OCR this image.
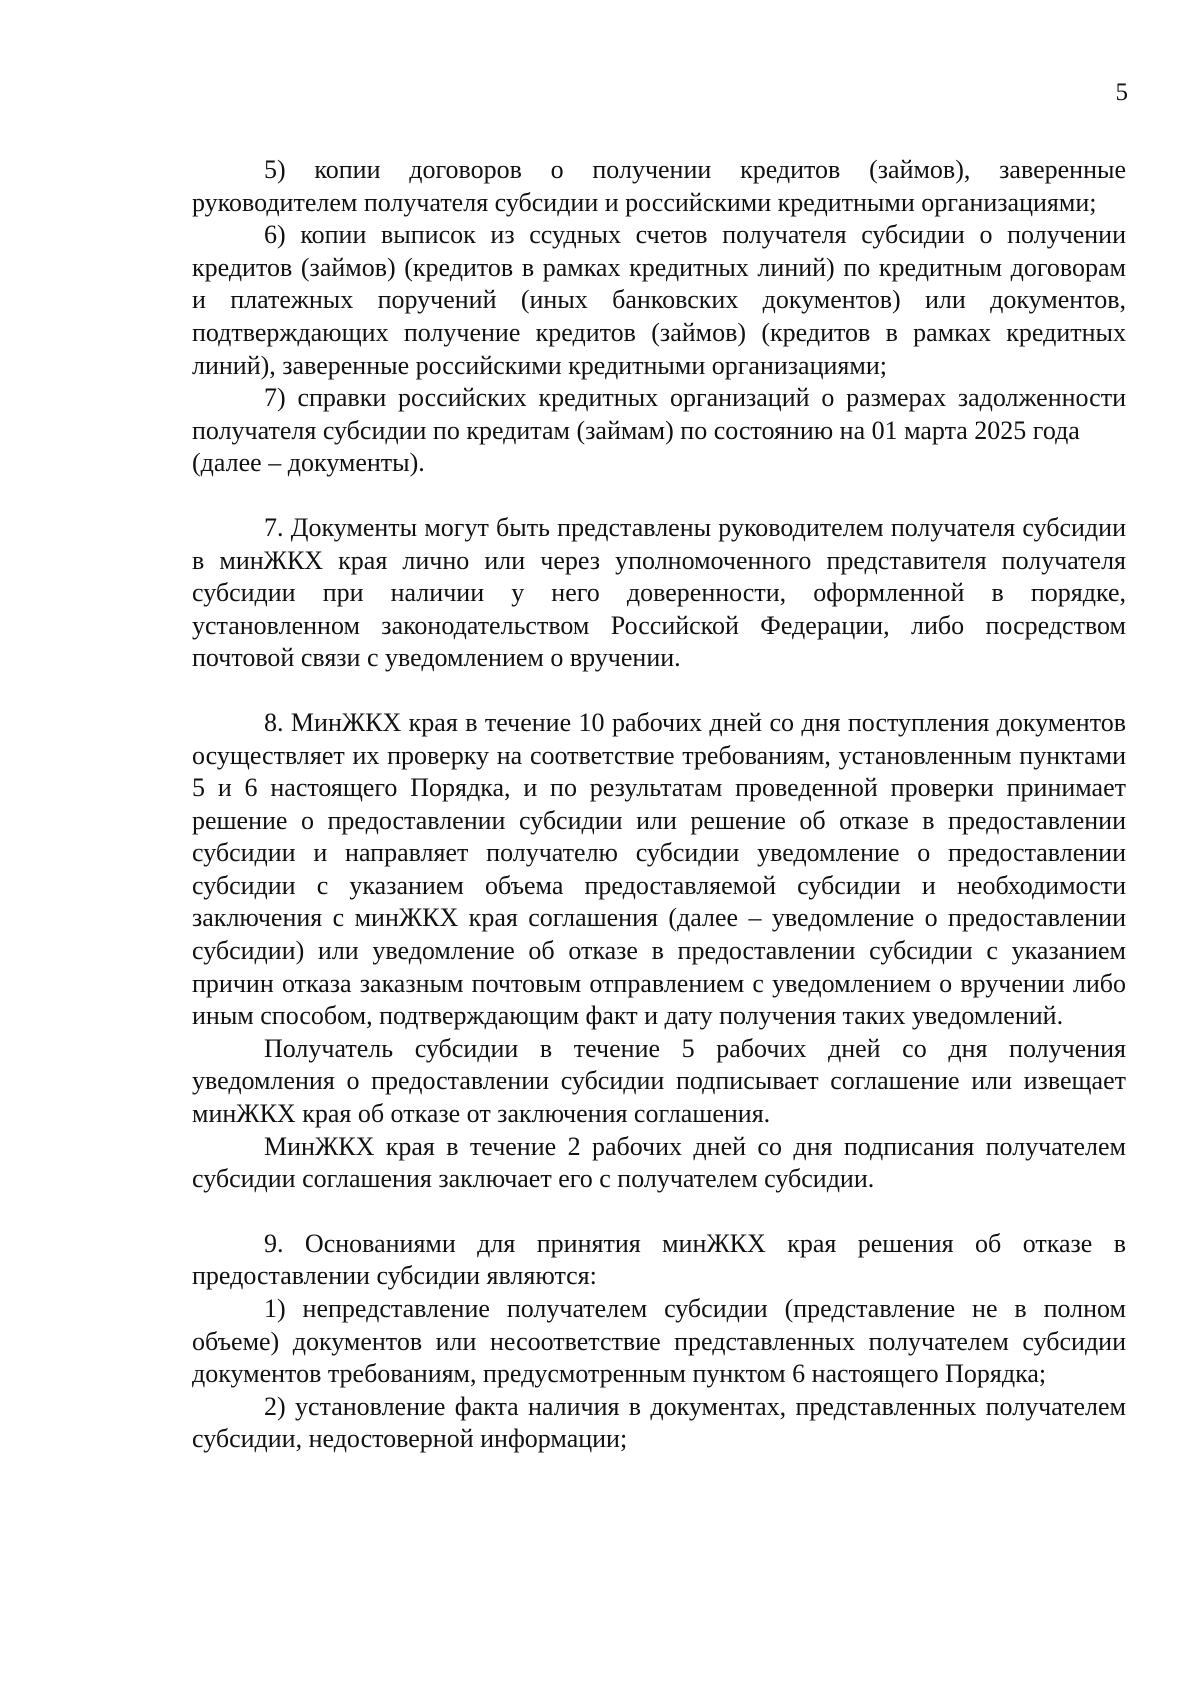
5

5) копии договоров о получении кредитов (займов), заверенные руководителем получателя субсидии и российскими кредитными организациями;

6) копии выписок из ссудных счетов получателя субсидии о получении кредитов (займов) (кредитов в рамках кредитных линий) по кредитным договорам и платежных поручений (иных банковских документов) или документов, подтверждающих получение кредитов (займов) (кредитов в рамках кредитных линий), заверенные российскими кредитными организациями;

7) справки российских кредитных организаций о размерах задолженности получателя субсидии по кредитам (займам) по состоянию на 01 марта 2025 года

(далее – документы).

7. Документы могут быть представлены руководителем получателя субсидии в минЖКХ края лично или через уполномоченного представителя получателя субсидии при наличии у него доверенности, оформленной в порядке, установленном законодательством Российской Федерации, либо посредством почтовой связи с уведомлением о вручении.

8. МинЖКХ края в течение 10 рабочих дней со дня поступления документов осуществляет их проверку на соответствие требованиям, установленным пунктами 5 и 6 настоящего Порядка, и по результатам проведенной проверки принимает решение о предоставлении субсидии или решение об отказе в предоставлении субсидии и направляет получателю субсидии уведомление о предоставлении субсидии с указанием объема предоставляемой субсидии и необходимости заключения с минЖКХ края соглашения (далее – уведомление о предоставлении субсидии) или уведомление об отказе в предоставлении субсидии с указанием причин отказа заказным почтовым отправлением с уведомлением о вручении либо иным способом, подтверждающим факт и дату получения таких уведомлений.

Получатель субсидии в течение 5 рабочих дней со дня получения уведомления о предоставлении субсидии подписывает соглашение или извещает минЖКХ края об отказе от заключения соглашения.

МинЖКХ края в течение 2 рабочих дней со дня подписания получателем субсидии соглашения заключает его с получателем субсидии.

9. Основаниями для принятия минЖКХ края решения об отказе в предоставлении субсидии являются:

1) непредставление получателем субсидии (представление не в полном объеме) документов или несоответствие представленных получателем субсидии документов требованиям, предусмотренным пунктом 6 настоящего Порядка;

2) установление факта наличия в документах, представленных получателем субсидии, недостоверной информации;
